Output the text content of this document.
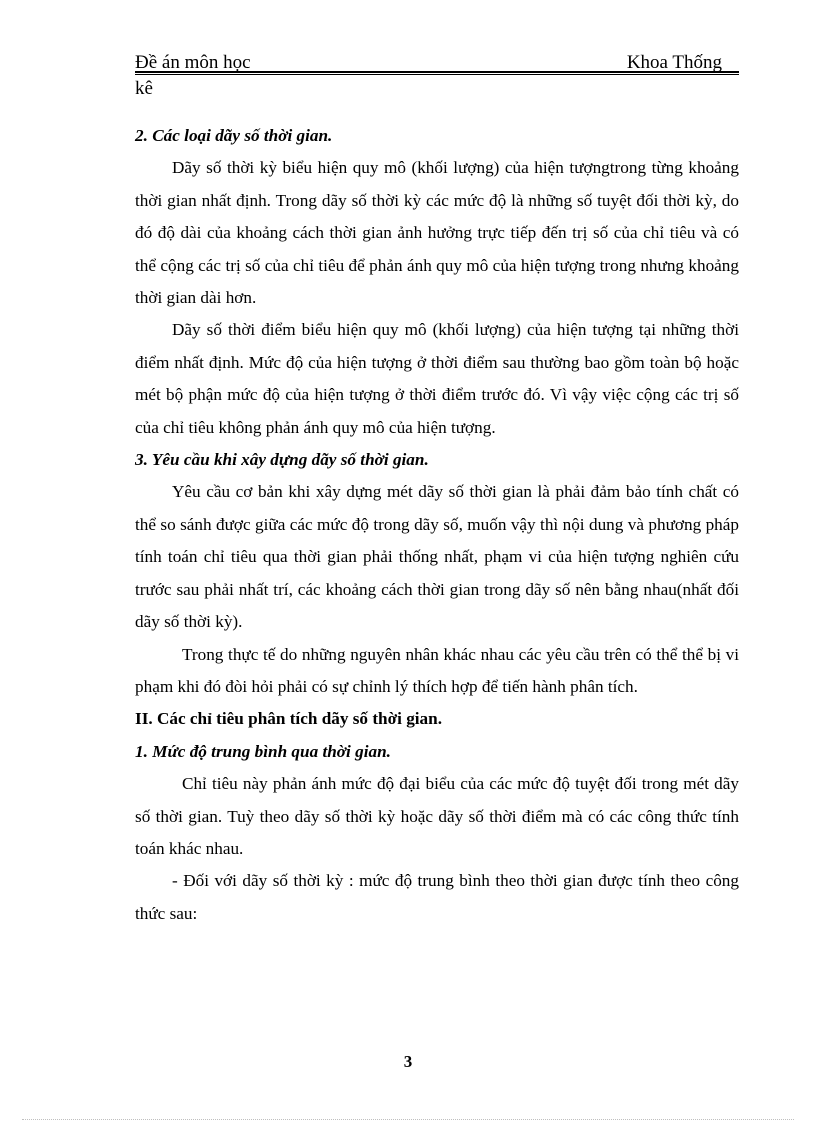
Đề án môn học	Khoa Thống
kê

2. Các loại dãy số thời gian.

Dãy số thời kỳ biểu hiện quy mô (khối lượng) của hiện tượngtrong từng khoảng thời gian nhất định. Trong dãy số thời kỳ các mức độ là những số tuyệt đối thời kỳ, do đó độ dài của khoảng cách thời gian ảnh hưởng trực tiếp đến trị số của chỉ tiêu và có thể cộng các trị số của chỉ tiêu để phản ánh quy mô của hiện tượng trong nhưng khoảng thời gian dài hơn.

Dãy số thời điểm biểu hiện quy mô (khối lượng) của hiện tượng tại những thời điểm nhất định. Mức độ của hiện tượng ở thời điểm sau thường bao gồm toàn bộ hoặc mét bộ phận mức độ của hiện tượng ở thời điểm trước đó. Vì vậy việc cộng các trị số của chỉ tiêu không phản ánh quy mô của hiện tượng.

3. Yêu cầu khi xây dựng dãy số thời gian.

Yêu cầu cơ bản khi xây dựng mét dãy số thời gian là phải đảm bảo tính chất có thể so sánh được giữa các mức độ trong dãy số, muốn vậy thì nội dung và phương pháp tính toán chỉ tiêu qua thời gian phải thống nhất, phạm vi của hiện tượng nghiên cứu trước sau phải nhất trí, các khoảng cách thời gian trong dãy số nên bằng nhau(nhất đối dãy số thời kỳ).

Trong thực tế do những nguyên nhân khác nhau các yêu cầu trên có thể thể bị vi phạm khi đó đòi hỏi phải có sự chỉnh lý thích hợp để tiến hành phân tích.

II. Các chỉ tiêu phân tích dãy số thời gian.

1. Mức độ trung bình qua thời gian.

Chỉ tiêu này phản ánh mức độ đại biểu của các mức độ tuyệt đối trong mét dãy số thời gian. Tuỳ theo dãy số thời kỳ hoặc dãy số thời điểm mà có các công thức tính toán khác nhau.

- Đối với dãy số thời kỳ : mức độ trung bình theo thời gian được tính theo công thức sau:

3
